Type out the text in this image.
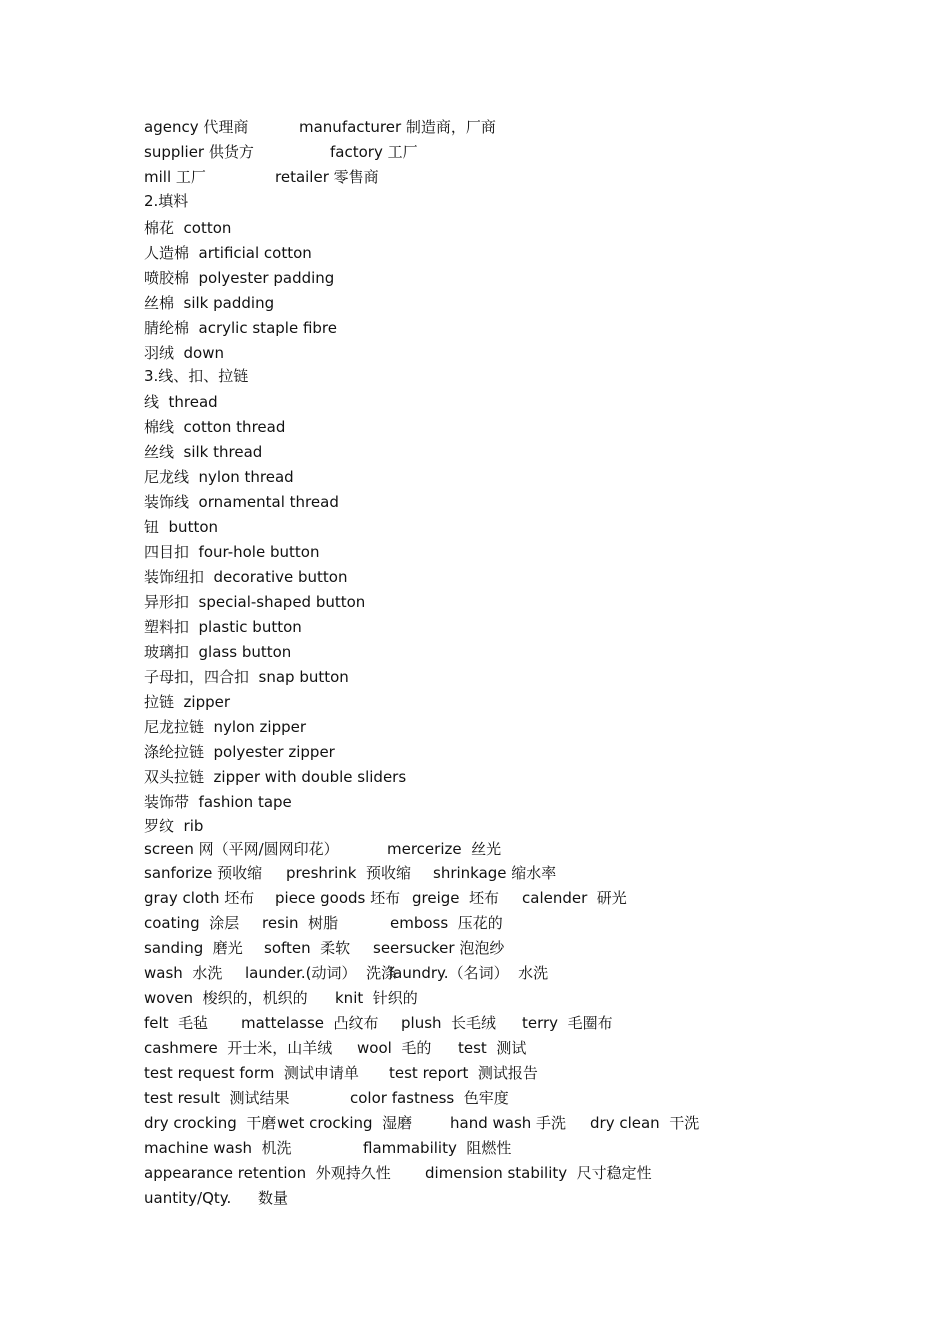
agency 代理商	manufacturer 制造商，厂商
supplier 供货方	factory 工厂
mill 工厂	retailer 零售商
2.填料
棉花  cotton
人造棉  artificial cotton
喷胶棉  polyester padding
丝棉  silk padding
腈纶棉  acrylic staple fibre
羽绒  down
3.线、扣、拉链
线  thread
棉线  cotton thread
丝线  silk thread
尼龙线  nylon thread
装饰线  ornamental thread
钮  button
四目扣  four-hole button
装饰纽扣  decorative button
异形扣  special-shaped button
塑料扣  plastic button
玻璃扣  glass button
子母扣，四合扣  snap button
拉链  zipper
尼龙拉链  nylon zipper
涤纶拉链  polyester zipper
双头拉链  zipper with double sliders
装饰带  fashion tape
罗纹  rib
screen 网（平网/圆网印花）	mercerize  丝光
sanforize 预收缩 preshrink  预收缩 shrinkage 缩水率
gray cloth 坯布 piece goods 坯布 greige  坯布 calender  研光
coating  涂层 resin  树脂	emboss  压花的
sanding  磨光 soften  柔软 seersucker 泡泡纱
wash  水洗 launder.(动词）  洗涤
laundry.（名词）  水洗
woven  梭织的，机织的 knit  针织的
felt  毛毡 mattelasse  凸纹布 plush  长毛绒 terry  毛圈布
cashmere  开士米，山羊绒 wool  毛的 test  测试
test request form  测试申请单 test report  测试报告
test result  测试结果	color fastness  色牢度
dry crocking  干磨 wet crocking  湿磨	hand wash 手洗 dry clean  干洗
machine wash  机洗	flammability  阻燃性
appearance retention  外观持久性 dimension stability  尺寸稳定性
uantity/Qty. 数量
